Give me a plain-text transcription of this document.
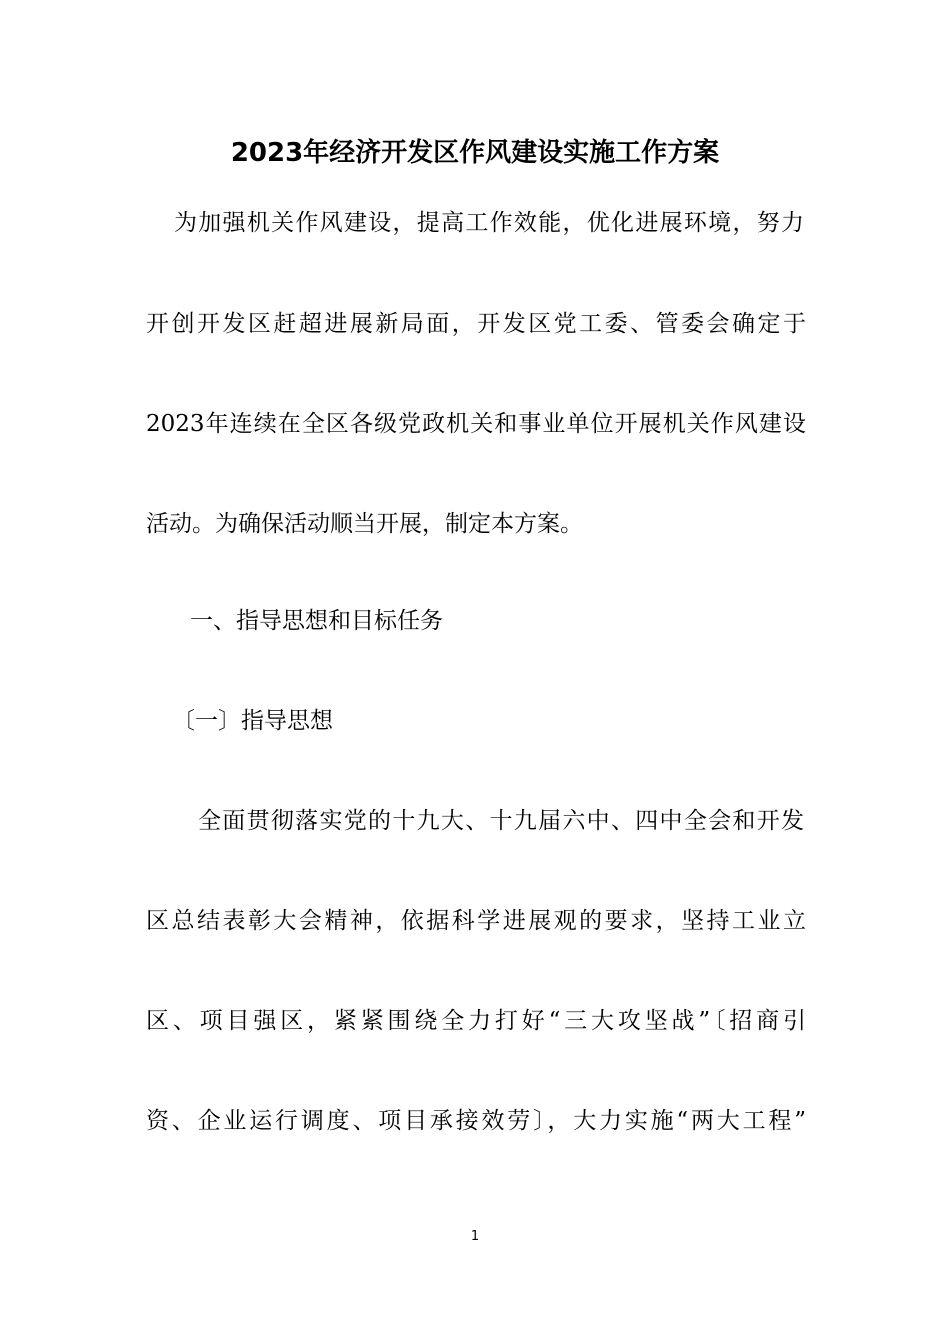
2023年经济开发区作风建设实施工作方案
为加强机关作风建设，提高工作效能，优化进展环境，努力
开创开发区赶超进展新局面，开发区党工委、管委会确定于
2023年连续在全区各级党政机关和事业单位开展机关作风建设
活动。为确保活动顺当开展，制定本方案。
一、指导思想和目标任务
〔一〕指导思想
全面贯彻落实党的十九大、十九届六中、四中全会和开发
区总结表彰大会精神，依据科学进展观的要求，坚持工业立
区、项目强区，紧紧围绕全力打好“三大攻坚战”〔招商引
资、企业运行调度、项目承接效劳〕，大力实施“两大工程”
1
